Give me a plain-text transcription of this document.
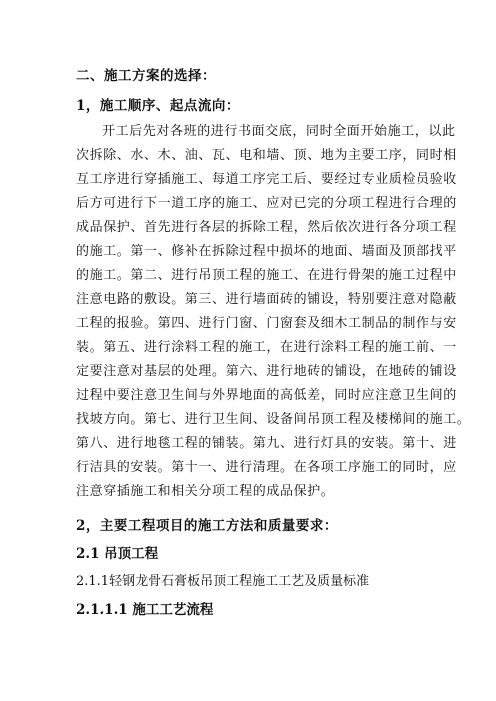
二、施工方案的选择：
1，施工顺序、起点流向：
开工后先对各班的进行书面交底，同时全面开始施工，以此
次拆除、水、木、油、瓦、电和墙、顶、地为主要工序，同时相
互工序进行穿插施工、每道工序完工后、要经过专业质检员验收
后方可进行下一道工序的施工、应对已完的分项工程进行合理的
成品保护、首先进行各层的拆除工程，然后依次进行各分项工程
的施工。第一、修补在拆除过程中损坏的地面、墙面及顶部找平
的施工。第二、进行吊顶工程的施工、在进行骨架的施工过程中
注意电路的敷设。第三、进行墙面砖的铺设，特别要注意对隐蔽
工程的报验。第四、进行门窗、门窗套及细木工制品的制作与安
装。第五、进行涂料工程的施工，在进行涂料工程的施工前、一
定要注意对基层的处理。第六、进行地砖的铺设，在地砖的铺设
过程中要注意卫生间与外界地面的高低差，同时应注意卫生间的
找坡方向。第七、进行卫生间、设备间吊顶工程及楼梯间的施工。
第八、进行地毯工程的铺装。第九、进行灯具的安装。第十、进
行洁具的安装。第十一、进行清理。在各项工序施工的同时，应
注意穿插施工和相关分项工程的成品保护。
2，主要工程项目的施工方法和质量要求：
2.1 吊顶工程
2.1.1轻钢龙骨石膏板吊顶工程施工工艺及质量标准
2.1.1.1 施工工艺流程
